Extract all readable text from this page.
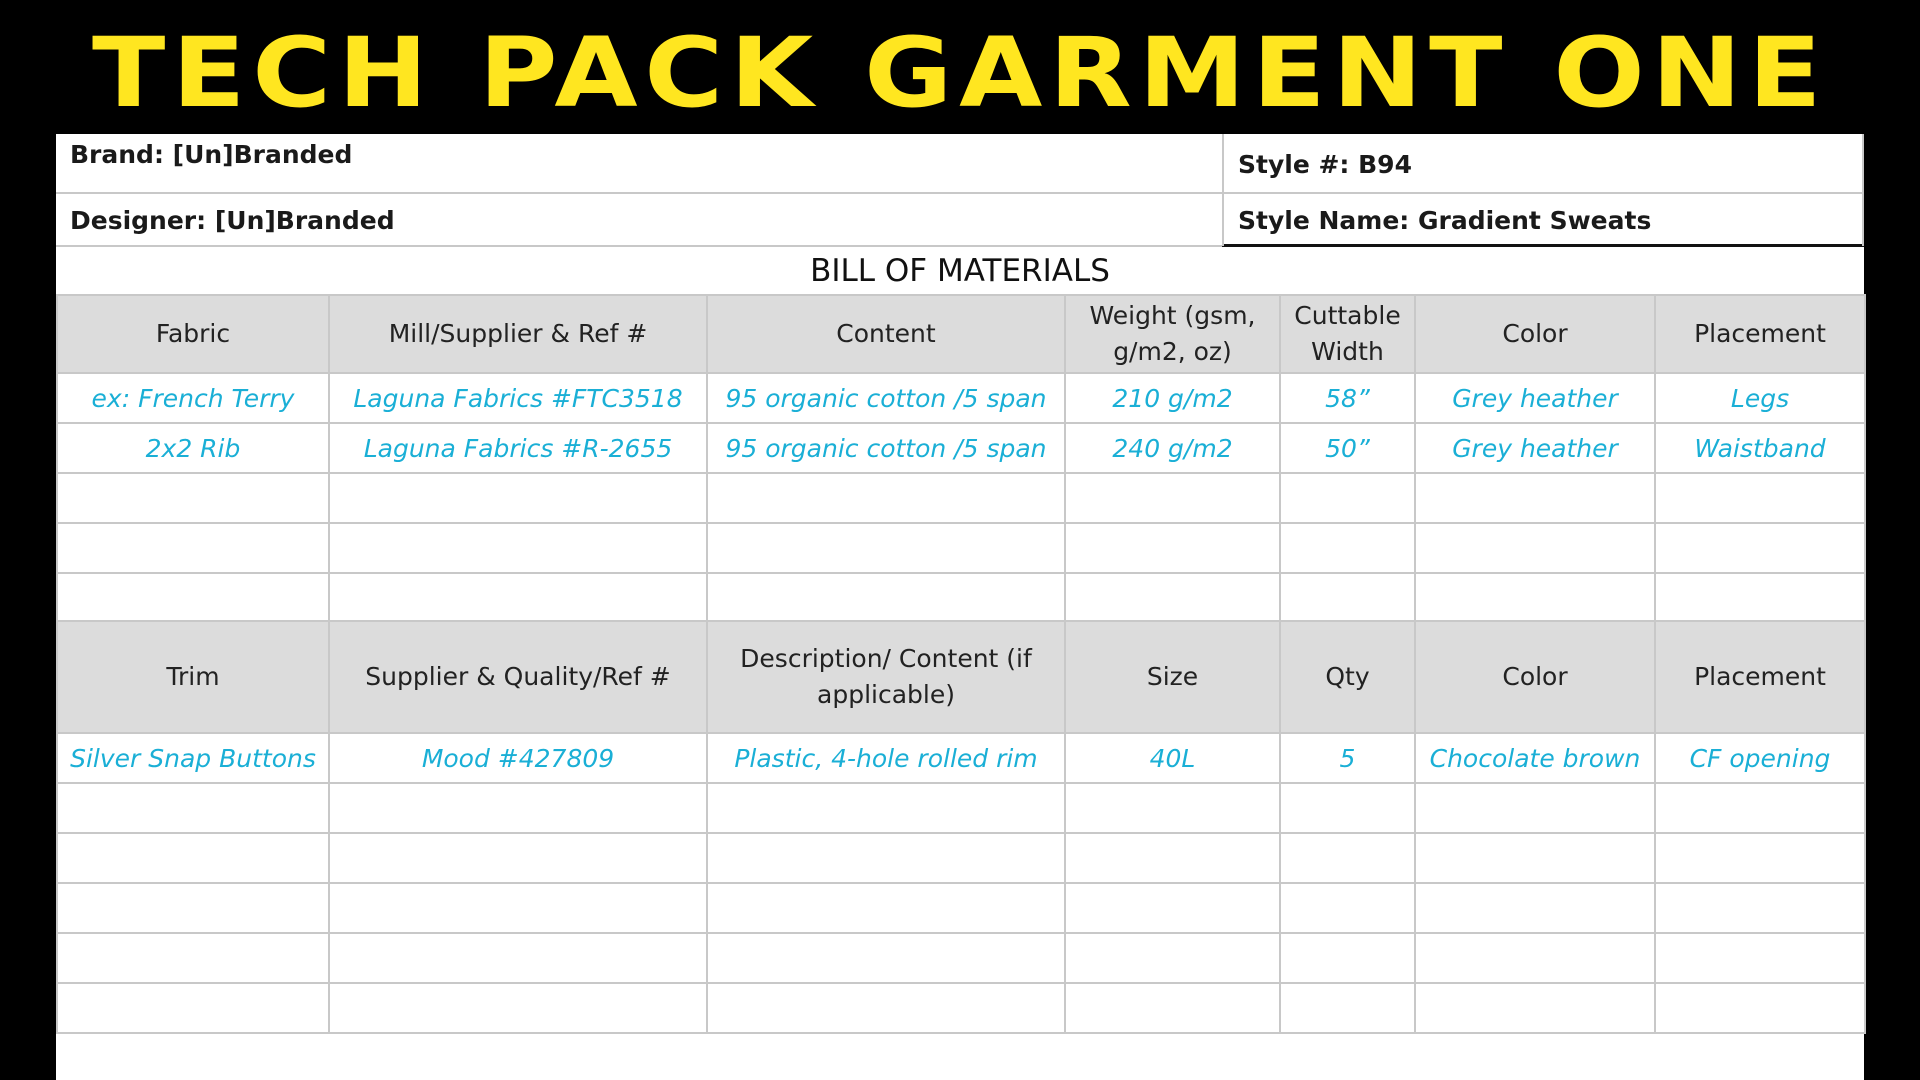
TECH PACK GARMENT ONE
Brand: [Un]Branded
Designer: [Un]Branded
Style #: B94
Style Name: Gradient Sweats
BILL OF MATERIALS
Fabric	Mill/Supplier & Ref #	Content	Weight (gsm, g/m2, oz)	Cuttable Width	Color	Placement
ex: French Terry	Laguna Fabrics #FTC3518	95 organic cotton /5 span	210 g/m2	58”	Grey heather	Legs
2x2 Rib	Laguna Fabrics #R-2655	95 organic cotton /5 span	240 g/m2	50”	Grey heather	Waistband

Trim	Supplier & Quality/Ref #	Description/ Content (if applicable)	Size	Qty	Color	Placement
Silver Snap Buttons	Mood #427809	Plastic, 4-hole rolled rim	40L	5	Chocolate brown	CF opening
